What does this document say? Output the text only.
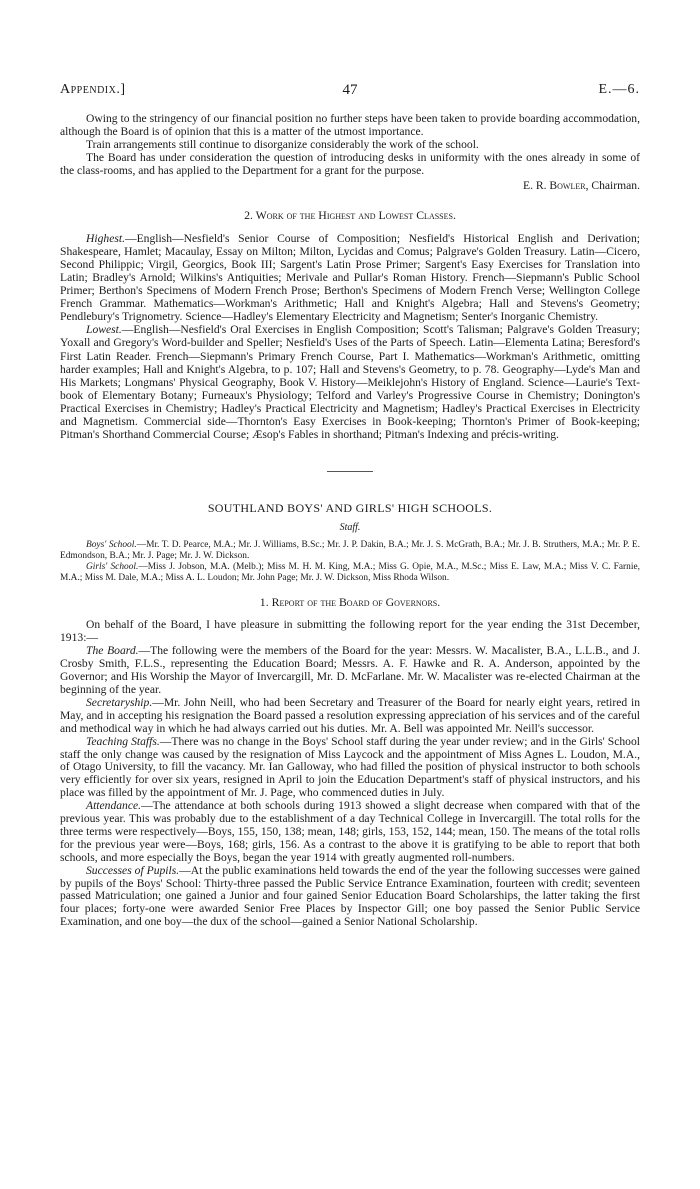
Appendix.]	47	E.—6.

Owing to the stringency of our financial position no further steps have been taken to provide boarding accommodation, although the Board is of opinion that this is a matter of the utmost importance.

Train arrangements still continue to disorganize considerably the work of the school.

The Board has under consideration the question of introducing desks in uniformity with the ones already in some of the class-rooms, and has applied to the Department for a grant for the purpose.

E. R. Bowler, Chairman.

2. Work of the Highest and Lowest Classes.

Highest.—English—Nesfield's Senior Course of Composition; Nesfield's Historical English and Derivation; Shakespeare, Hamlet; Macaulay, Essay on Milton; Milton, Lycidas and Comus; Palgrave's Golden Treasury. Latin—Cicero, Second Philippic; Virgil, Georgics, Book III; Sargent's Latin Prose Primer; Sargent's Easy Exercises for Translation into Latin; Bradley's Arnold; Wilkins's Antiquities; Merivale and Pullar's Roman History. French—Siepmann's Public School Primer; Berthon's Specimens of Modern French Prose; Berthon's Specimens of Modern French Verse; Wellington College French Grammar. Mathematics—Workman's Arithmetic; Hall and Knight's Algebra; Hall and Stevens's Geometry; Pendlebury's Trignometry. Science—Hadley's Elementary Electricity and Magnetism; Senter's Inorganic Chemistry.

Lowest.—English—Nesfield's Oral Exercises in English Composition; Scott's Talisman; Palgrave's Golden Treasury; Yoxall and Gregory's Word-builder and Speller; Nesfield's Uses of the Parts of Speech. Latin—Elementa Latina; Beresford's First Latin Reader. French—Siepmann's Primary French Course, Part I. Mathematics—Workman's Arithmetic, omitting harder examples; Hall and Knight's Algebra, to p. 107; Hall and Stevens's Geometry, to p. 78. Geography—Lyde's Man and His Markets; Longmans' Physical Geography, Book V. History—Meiklejohn's History of England. Science—Laurie's Text-book of Elementary Botany; Furneaux's Physiology; Telford and Varley's Progressive Course in Chemistry; Donington's Practical Exercises in Chemistry; Hadley's Practical Electricity and Magnetism; Hadley's Practical Exercises in Electricity and Magnetism. Commercial side—Thornton's Easy Exercises in Book-keeping; Thornton's Primer of Book-keeping; Pitman's Shorthand Commercial Course; Æsop's Fables in shorthand; Pitman's Indexing and précis-writing.

SOUTHLAND BOYS' AND GIRLS' HIGH SCHOOLS.

Staff.

Boys' School.—Mr. T. D. Pearce, M.A.; Mr. J. Williams, B.Sc.; Mr. J. P. Dakin, B.A.; Mr. J. S. McGrath, B.A.; Mr. J. B. Struthers, M.A.; Mr. P. E. Edmondson, B.A.; Mr. J. Page; Mr. J. W. Dickson.

Girls' School.—Miss J. Jobson, M.A. (Melb.); Miss M. H. M. King, M.A.; Miss G. Opie, M.A., M.Sc.; Miss E. Law, M.A.; Miss V. C. Farnie, M.A.; Miss M. Dale, M.A.; Miss A. L. Loudon; Mr. John Page; Mr. J. W. Dickson, Miss Rhoda Wilson.

1. Report of the Board of Governors.

On behalf of the Board, I have pleasure in submitting the following report for the year ending the 31st December, 1913:—

The Board.—The following were the members of the Board for the year: Messrs. W. Macalister, B.A., L.L.B., and J. Crosby Smith, F.L.S., representing the Education Board; Messrs. A. F. Hawke and R. A. Anderson, appointed by the Governor; and His Worship the Mayor of Invercargill, Mr. D. McFarlane. Mr. W. Macalister was re-elected Chairman at the beginning of the year.

Secretaryship.—Mr. John Neill, who had been Secretary and Treasurer of the Board for nearly eight years, retired in May, and in accepting his resignation the Board passed a resolution expressing appreciation of his services and of the careful and methodical way in which he had always carried out his duties. Mr. A. Bell was appointed Mr. Neill's successor.

Teaching Staffs.—There was no change in the Boys' School staff during the year under review; and in the Girls' School staff the only change was caused by the resignation of Miss Laycock and the appointment of Miss Agnes L. Loudon, M.A., of Otago University, to fill the vacancy. Mr. Ian Galloway, who had filled the position of physical instructor to both schools very efficiently for over six years, resigned in April to join the Education Department's staff of physical instructors, and his place was filled by the appointment of Mr. J. Page, who commenced duties in July.

Attendance.—The attendance at both schools during 1913 showed a slight decrease when compared with that of the previous year. This was probably due to the establishment of a day Technical College in Invercargill. The total rolls for the three terms were respectively—Boys, 155, 150, 138; mean, 148; girls, 153, 152, 144; mean, 150. The means of the total rolls for the previous year were—Boys, 168; girls, 156. As a contrast to the above it is gratifying to be able to report that both schools, and more especially the Boys, began the year 1914 with greatly augmented roll-numbers.

Successes of Pupils.—At the public examinations held towards the end of the year the following successes were gained by pupils of the Boys' School: Thirty-three passed the Public Service Entrance Examination, fourteen with credit; seventeen passed Matriculation; one gained a Junior and four gained Senior Education Board Scholarships, the latter taking the first four places; forty-one were awarded Senior Free Places by Inspector Gill; one boy passed the Senior Public Service Examination, and one boy—the dux of the school—gained a Senior National Scholarship.
